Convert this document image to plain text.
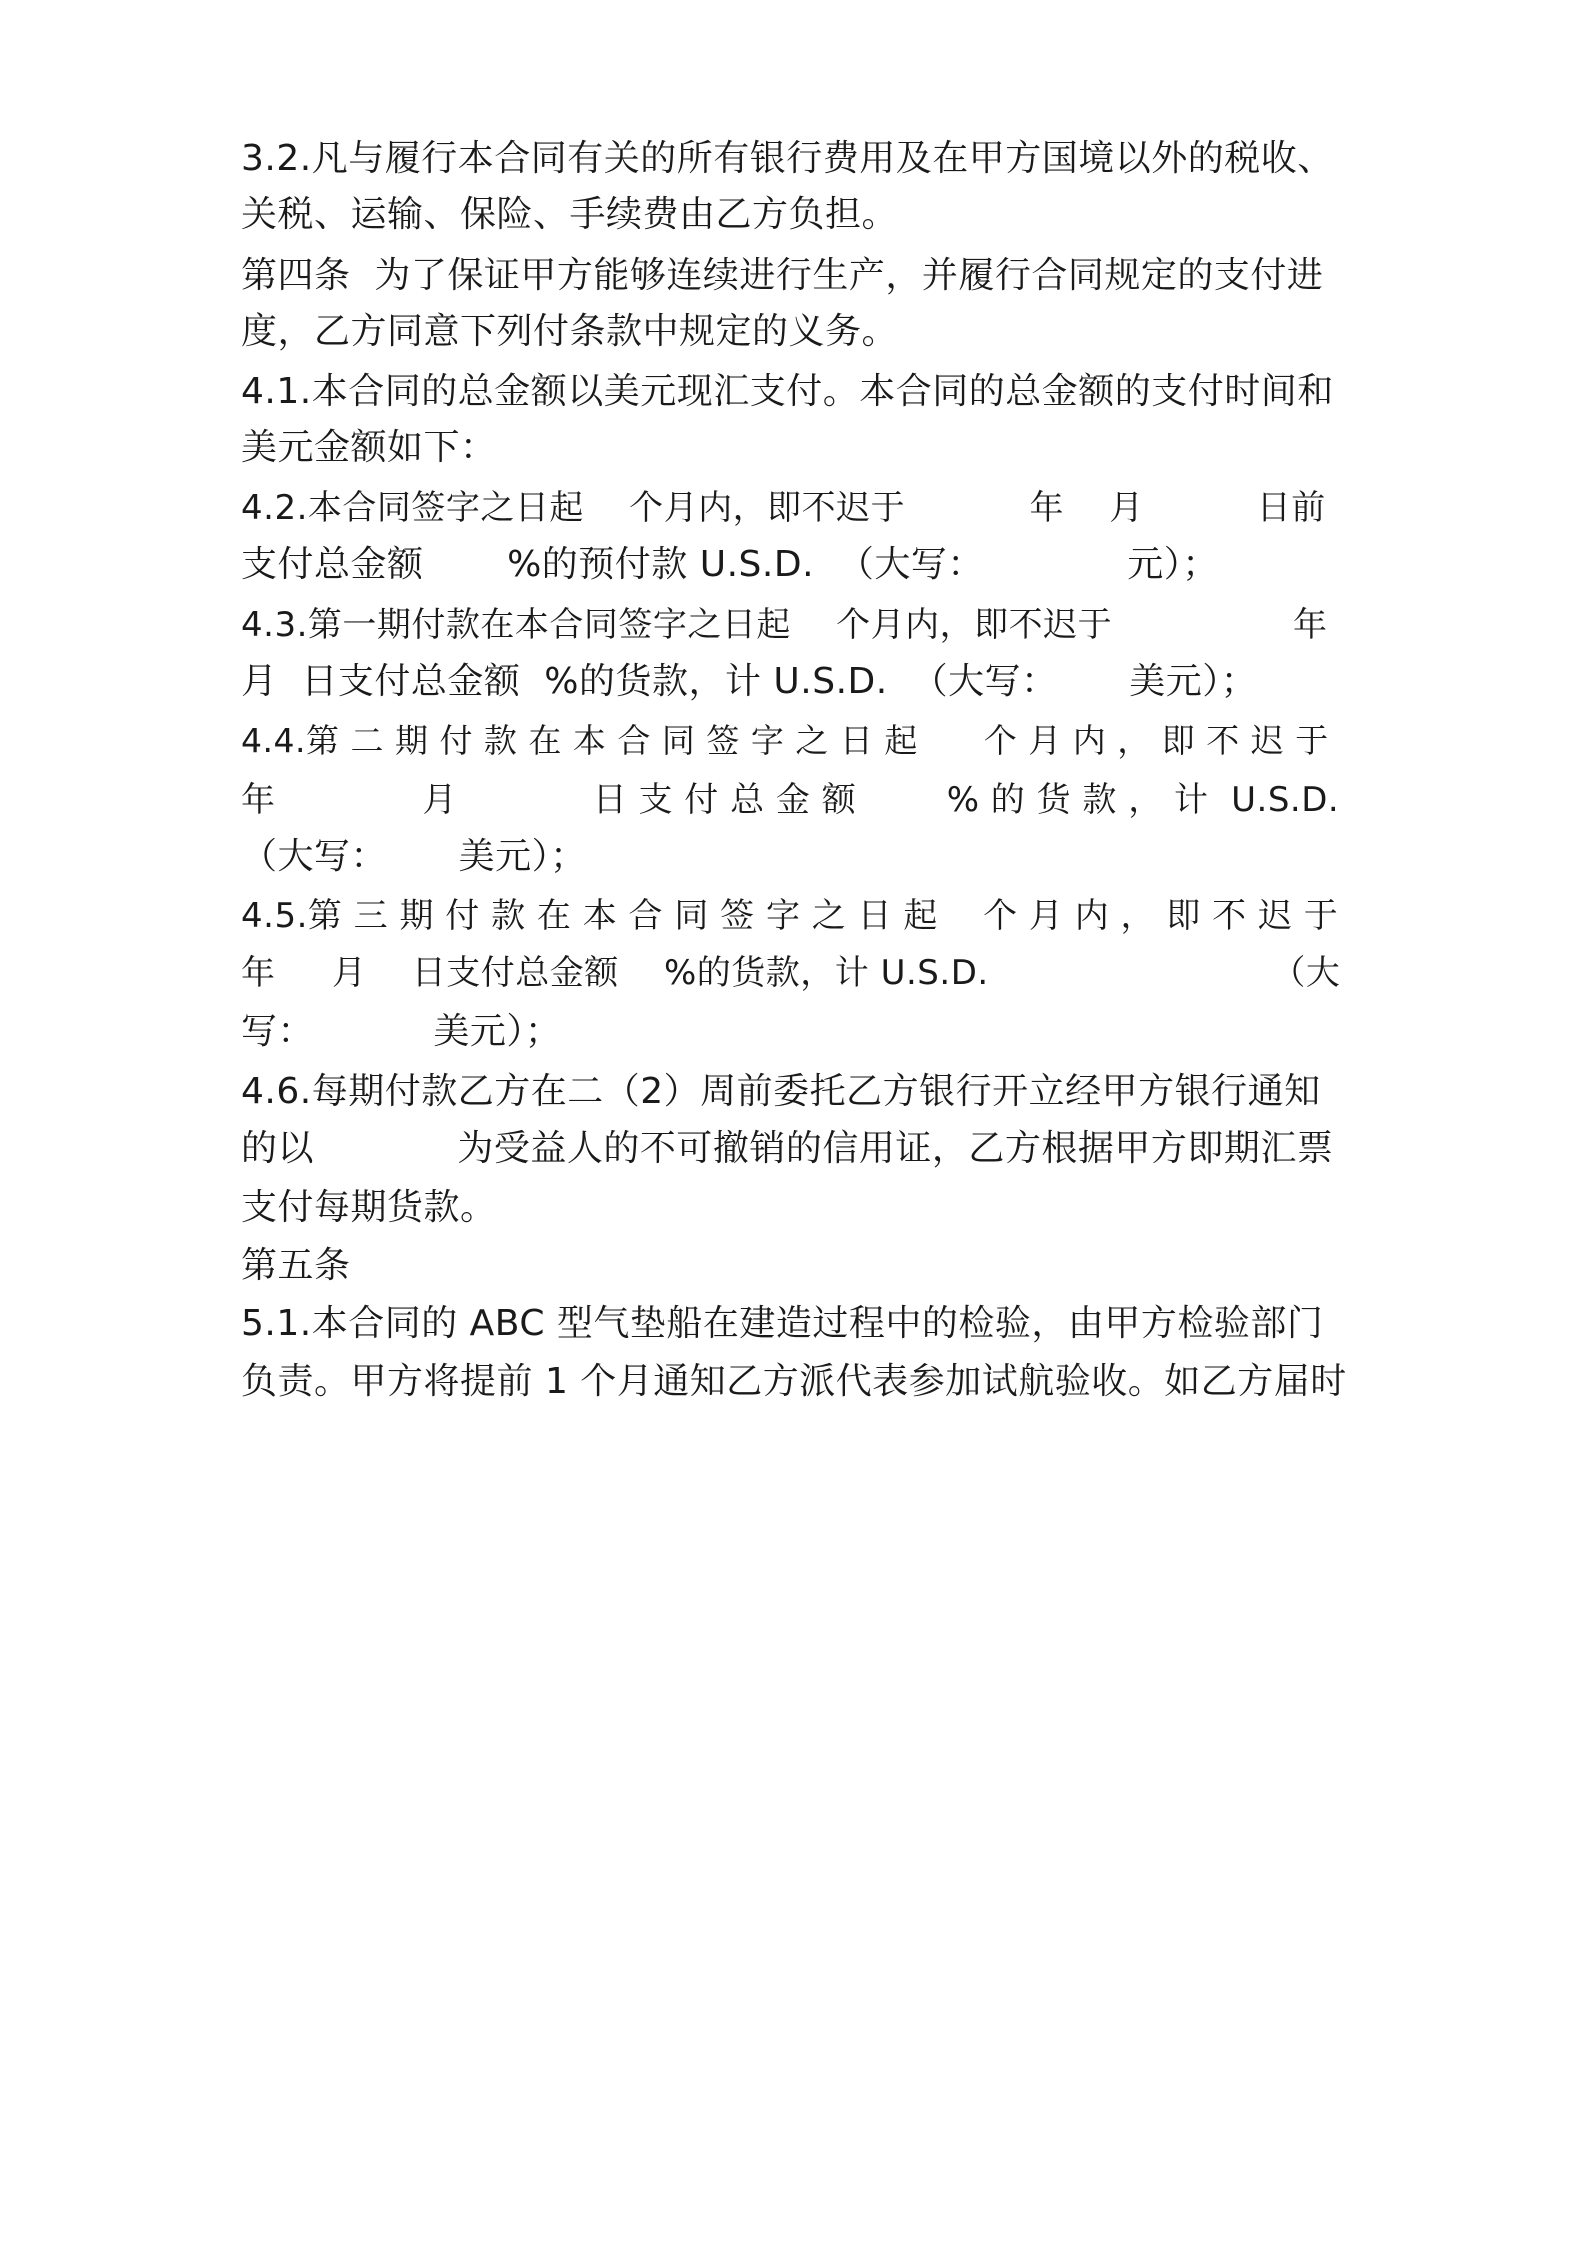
3.2.凡与履行本合同有关的所有银行费用及在甲方国境以外的税收、
关税、运输、保险、手续费由乙方负担。
第四条  为了保证甲方能够连续进行生产，并履行合同规定的支付进
度，乙方同意下列付条款中规定的义务。
4.1.本合同的总金额以美元现汇支付。本合同的总金额的支付时间和
美元金额如下：
4.2.本合同签字之日起    个月内，即不迟于           年    月          日前
支付总金额       %的预付款 U.S.D.  （大写：            元）；
4.3.第一期付款在本合同签字之日起    个月内，即不迟于                年
月  日支付总金额  %的货款，计 U.S.D.  （大写：      美元）；
4.4.第 二 期 付 款 在 本 合 同 签 字 之 日 起      个 月 内 ， 即 不 迟 于
年             月            日 支 付 总 金 额        % 的 货 款 ， 计  U.S.D.
（大写：      美元）；
4.5.第 三 期 付 款 在 本 合 同 签 字 之 日 起    个 月 内 ， 即 不 迟 于
年     月    日支付总金额    %的货款，计 U.S.D.                         （大
写：          美元）；
4.6.每期付款乙方在二（2）周前委托乙方银行开立经甲方银行通知
的以            为受益人的不可撤销的信用证，乙方根据甲方即期汇票
支付每期货款。
第五条
5.1.本合同的 ABC 型气垫船在建造过程中的检验，由甲方检验部门
负责。甲方将提前 1 个月通知乙方派代表参加试航验收。如乙方届时
